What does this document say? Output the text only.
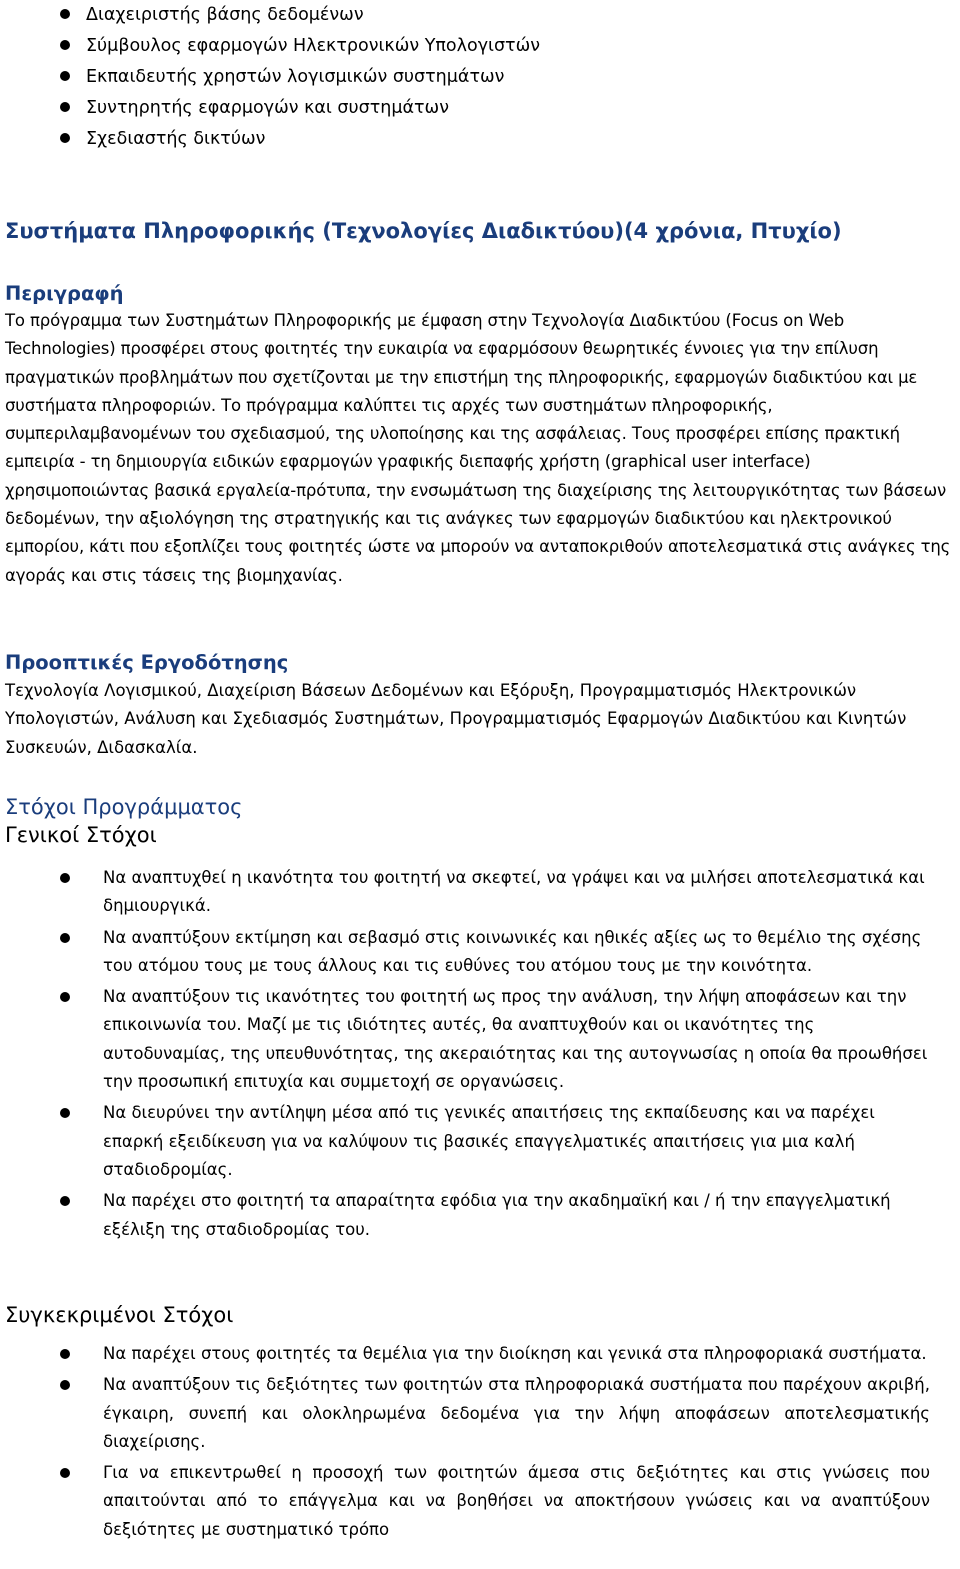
Διαχειριστής βάσης δεδομένων
Σύμβουλος εφαρμογών Ηλεκτρονικών Υπολογιστών
Εκπαιδευτής χρηστών λογισμικών συστημάτων
Συντηρητής εφαρμογών και συστημάτων
Σχεδιαστής δικτύων
Συστήματα Πληροφορικής (Τεχνολογίες Διαδικτύου)(4 χρόνια, Πτυχίο)
Περιγραφή

Το πρόγραμμα των Συστημάτων Πληροφορικής με έμφαση στην Τεχνολογία Διαδικτύου (Focus on Web Technologies) προσφέρει στους φοιτητές την ευκαιρία να εφαρμόσουν θεωρητικές έννοιες για την επίλυση πραγματικών προβλημάτων που σχετίζονται με την επιστήμη της πληροφορικής, εφαρμογών διαδικτύου και με συστήματα πληροφοριών. Το πρόγραμμα καλύπτει τις αρχές των συστημάτων πληροφορικής, συμπεριλαμβανομένων του σχεδιασμού, της υλοποίησης και της ασφάλειας. Τους προσφέρει επίσης πρακτική εμπειρία - τη δημιουργία ειδικών εφαρμογών γραφικής διεπαφής χρήστη (graphical user interface) χρησιμοποιώντας βασικά εργαλεία-πρότυπα, την ενσωμάτωση της διαχείρισης της λειτουργικότητας των βάσεων δεδομένων, την αξιολόγηση της στρατηγικής και τις ανάγκες των εφαρμογών διαδικτύου και ηλεκτρονικού εμπορίου, κάτι που εξοπλίζει τους φοιτητές ώστε να μπορούν να ανταποκριθούν αποτελεσματικά στις ανάγκες της αγοράς και στις τάσεις της βιομηχανίας.

Προοπτικές Εργοδότησης

Τεχνολογία Λογισμικού, Διαχείριση Βάσεων Δεδομένων και Εξόρυξη, Προγραμματισμός Ηλεκτρονικών Υπολογιστών, Ανάλυση και Σχεδιασμός Συστημάτων, Προγραμματισμός Εφαρμογών Διαδικτύου και Κινητών Συσκευών, Διδασκαλία.

Στόχοι Προγράμματος
Γενικοί Στόχοι
Να αναπτυχθεί η ικανότητα του φοιτητή να σκεφτεί, να γράψει και να μιλήσει αποτελεσματικά και δημιουργικά.
Να αναπτύξουν εκτίμηση και σεβασμό στις κοινωνικές και ηθικές αξίες ως το θεμέλιο της σχέσης του ατόμου τους με τους άλλους και τις ευθύνες του ατόμου τους με την κοινότητα.
Να αναπτύξουν τις ικανότητες του φοιτητή ως προς την ανάλυση, την λήψη αποφάσεων και την επικοινωνία του. Μαζί με τις ιδιότητες αυτές, θα αναπτυχθούν και οι ικανότητες της αυτοδυναμίας, της υπευθυνότητας, της ακεραιότητας και της αυτογνωσίας η οποία θα προωθήσει την προσωπική επιτυχία και συμμετοχή σε οργανώσεις.
Να διευρύνει την αντίληψη μέσα από τις γενικές απαιτήσεις της εκπαίδευσης και να παρέχει επαρκή εξειδίκευση για να καλύψουν τις βασικές επαγγελματικές απαιτήσεις για μια καλή σταδιοδρομίας.
Να παρέχει στο φοιτητή τα απαραίτητα εφόδια για την ακαδημαϊκή και / ή την επαγγελματική εξέλιξη της σταδιοδρομίας του.
Συγκεκριμένοι Στόχοι
Να παρέχει στους φοιτητές τα θεμέλια για την διοίκηση και γενικά στα πληροφοριακά συστήματα.
Να αναπτύξουν τις δεξιότητες των φοιτητών στα πληροφοριακά συστήματα που παρέχουν ακριβή, έγκαιρη, συνεπή και ολοκληρωμένα δεδομένα για την λήψη αποφάσεων αποτελεσματικής διαχείρισης.
Για να επικεντρωθεί η προσοχή των φοιτητών άμεσα στις δεξιότητες και στις γνώσεις που απαιτούνται από το επάγγελμα και να βοηθήσει να αποκτήσουν γνώσεις και να αναπτύξουν δεξιότητες με συστηματικό τρόπο
